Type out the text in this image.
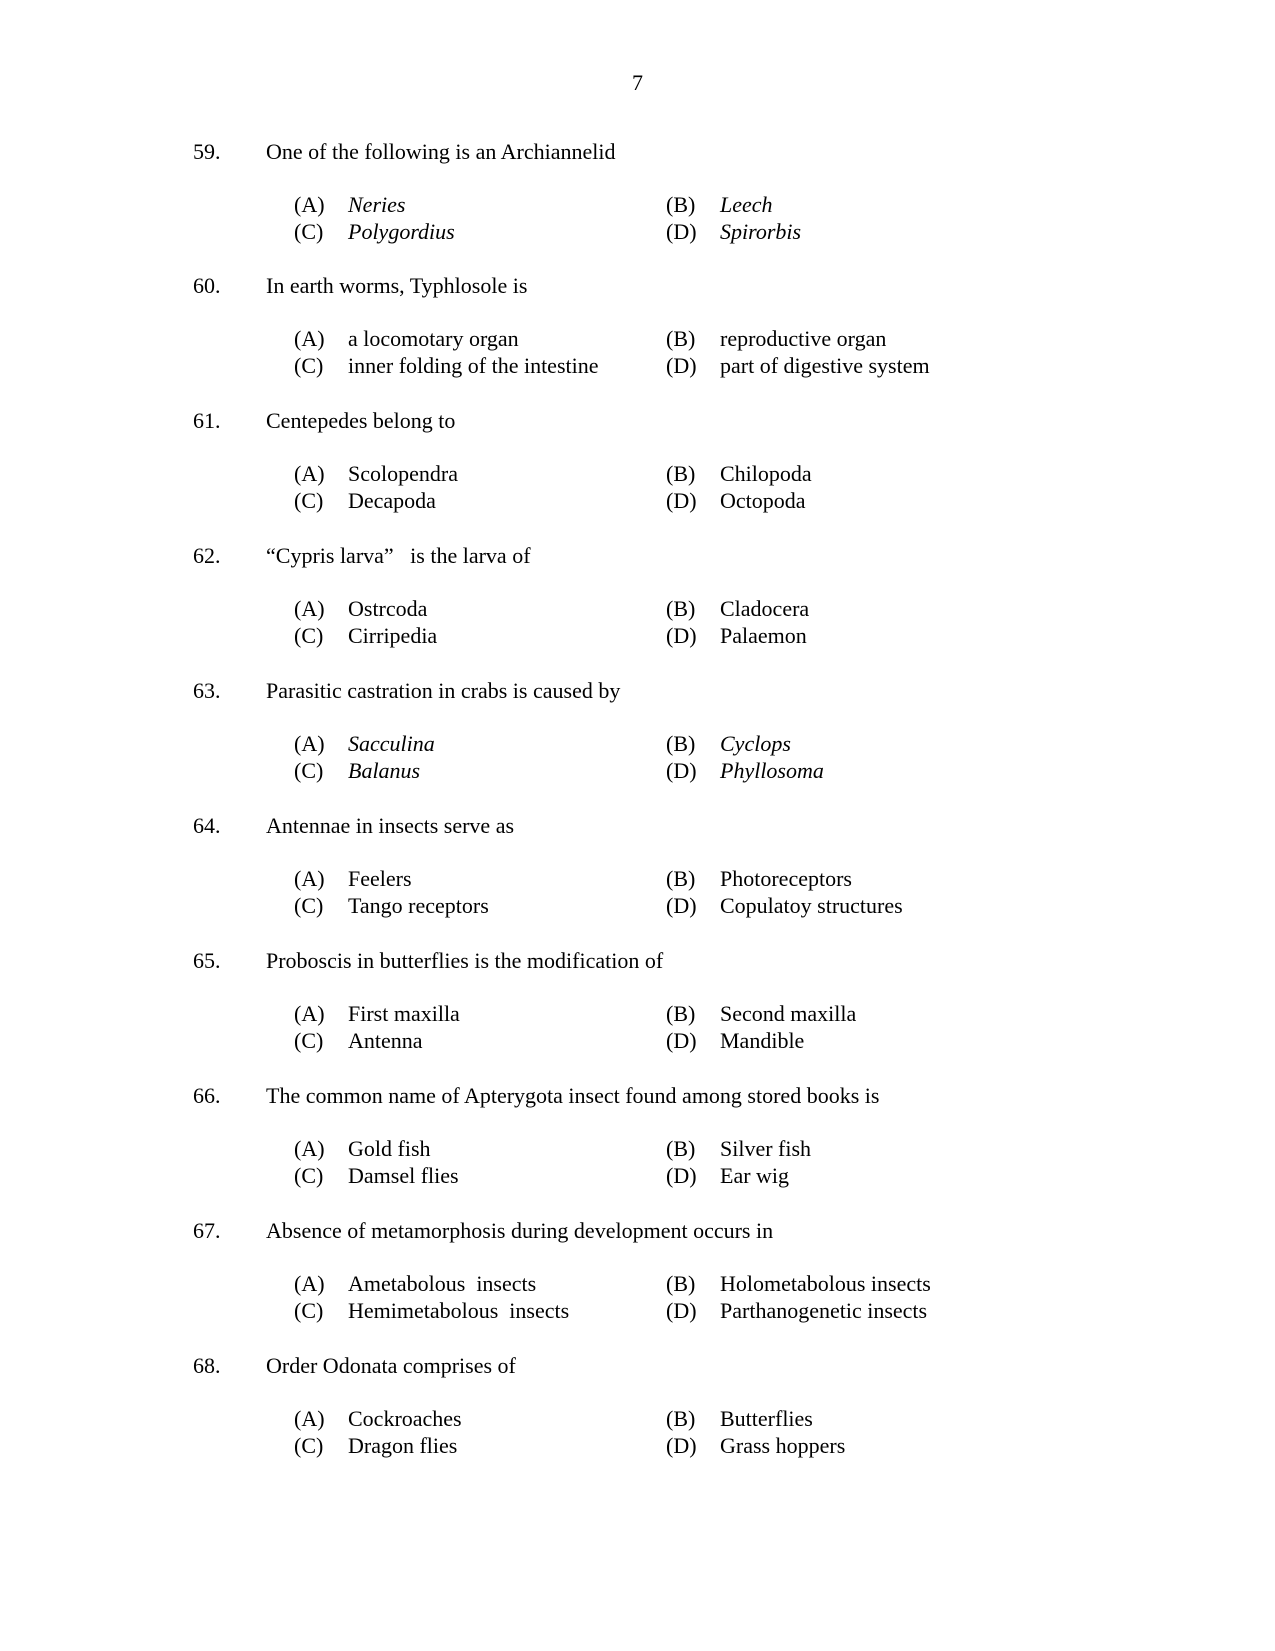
7
59. One of the following is an Archiannelid
(A) Neries	(B) Leech
(C) Polygordius	(D) Spirorbis
60. In earth worms, Typhlosole is
(A) a locomotary organ	(B) reproductive organ
(C) inner folding of the intestine	(D) part of digestive system
61. Centepedes belong to
(A) Scolopendra	(B) Chilopoda
(C) Decapoda	(D) Octopoda
62. “Cypris larva”   is the larva of
(A) Ostrcoda	(B) Cladocera
(C) Cirripedia	(D) Palaemon
63. Parasitic castration in crabs is caused by
(A) Sacculina	(B) Cyclops
(C) Balanus	(D) Phyllosoma
64. Antennae in insects serve as
(A) Feelers	(B) Photoreceptors
(C) Tango receptors	(D) Copulatoy structures
65. Proboscis in butterflies is the modification of
(A) First maxilla	(B) Second maxilla
(C) Antenna	(D) Mandible
66. The common name of Apterygota insect found among stored books is
(A) Gold fish	(B) Silver fish
(C) Damsel flies	(D) Ear wig
67. Absence of metamorphosis during development occurs in
(A) Ametabolous  insects	(B) Holometabolous insects
(C) Hemimetabolous  insects	(D) Parthanogenetic insects
68. Order Odonata comprises of
(A) Cockroaches	(B) Butterflies
(C) Dragon flies	(D) Grass hoppers
